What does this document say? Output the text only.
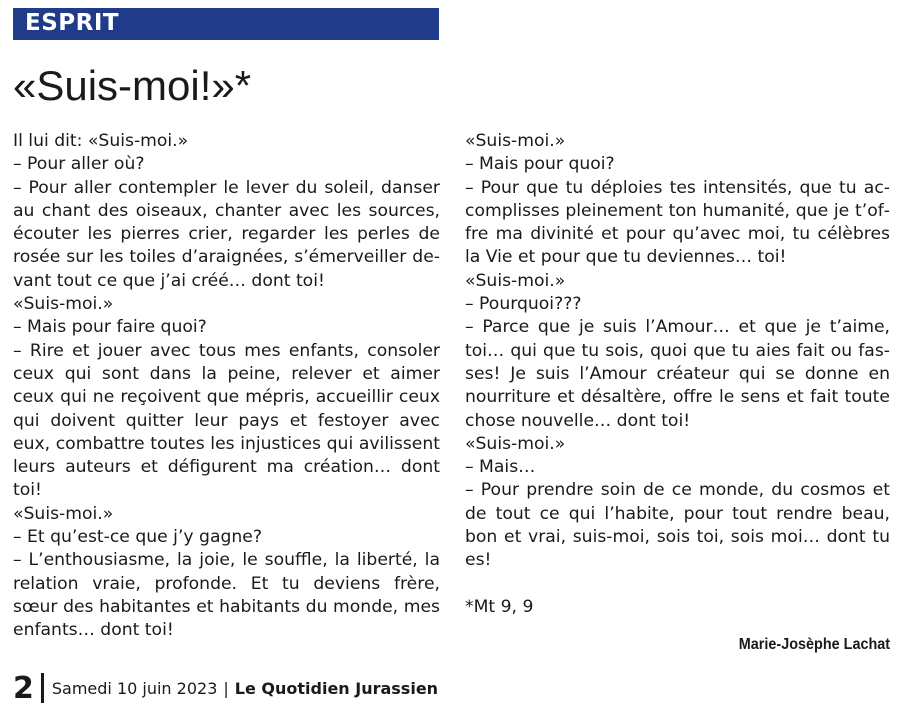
ESPRIT
«Suis-moi!»*

Il lui dit: «Suis-moi.»

– Pour aller où?

– Pour aller contempler le lever du soleil, danser au chant des oiseaux, chanter avec les sources, écouter les pierres crier, regarder les perles de rosée sur les toiles d’araignées, s’émerveiller devant tout ce que j’ai créé… dont toi!

«Suis-moi.»

– Mais pour faire quoi?

– Rire et jouer avec tous mes enfants, consoler ceux qui sont dans la peine, relever et aimer ceux qui ne reçoivent que mépris, accueillir ceux qui doivent quitter leur pays et festoyer avec eux, combattre toutes les injustices qui avilissent leurs auteurs et défigurent ma création… dont toi!

«Suis-moi.»

– Et qu’est-ce que j’y gagne?

– L’enthousiasme, la joie, le souffle, la liberté, la relation vraie, profonde. Et tu deviens frère, sœur des habitantes et habitants du monde, mes enfants… dont toi!

«Suis-moi.»

– Mais pour quoi?

– Pour que tu déploies tes intensités, que tu accomplisses pleinement ton humanité, que je t’offre ma divinité et pour qu’avec moi, tu célèbres la Vie et pour que tu deviennes… toi!

«Suis-moi.»

– Pourquoi???

– Parce que je suis l’Amour… et que je t’aime, toi… qui que tu sois, quoi que tu aies fait ou fasses! Je suis l’Amour créateur qui se donne en nourriture et désaltère, offre le sens et fait toute chose nouvelle… dont toi!

«Suis-moi.»

– Mais…

– Pour prendre soin de ce monde, du cosmos et de tout ce qui l’habite, pour tout rendre beau, bon et vrai, suis-moi, sois toi, sois moi… dont tu es!

*Mt 9, 9

Marie-Josèphe Lachat
2 Samedi 10 juin 2023 | Le Quotidien Jurassien
